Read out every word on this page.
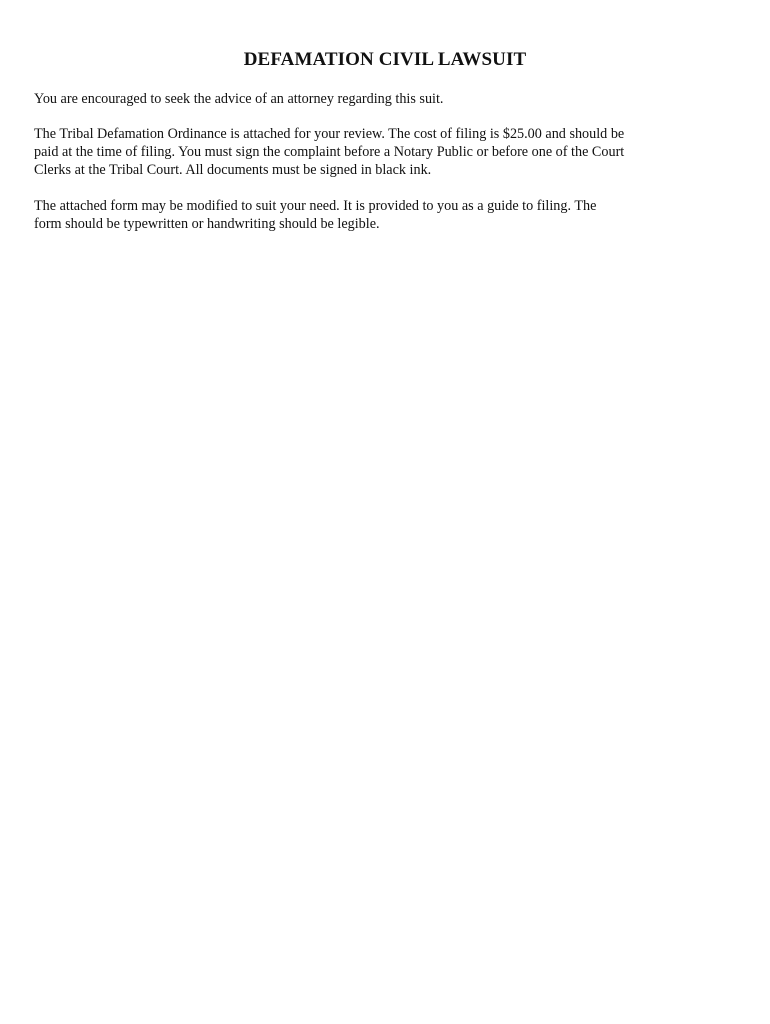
DEFAMATION CIVIL LAWSUIT

You are encouraged to seek the advice of an attorney regarding this suit.

The Tribal Defamation Ordinance is attached for your review. The cost of filing is $25.00 and should be
paid at the time of filing. You must sign the complaint before a Notary Public or before one of the Court
Clerks at the Tribal Court. All documents must be signed in black ink.

The attached form may be modified to suit your need. It is provided to you as a guide to filing. The
form should be typewritten or handwriting should be legible.
